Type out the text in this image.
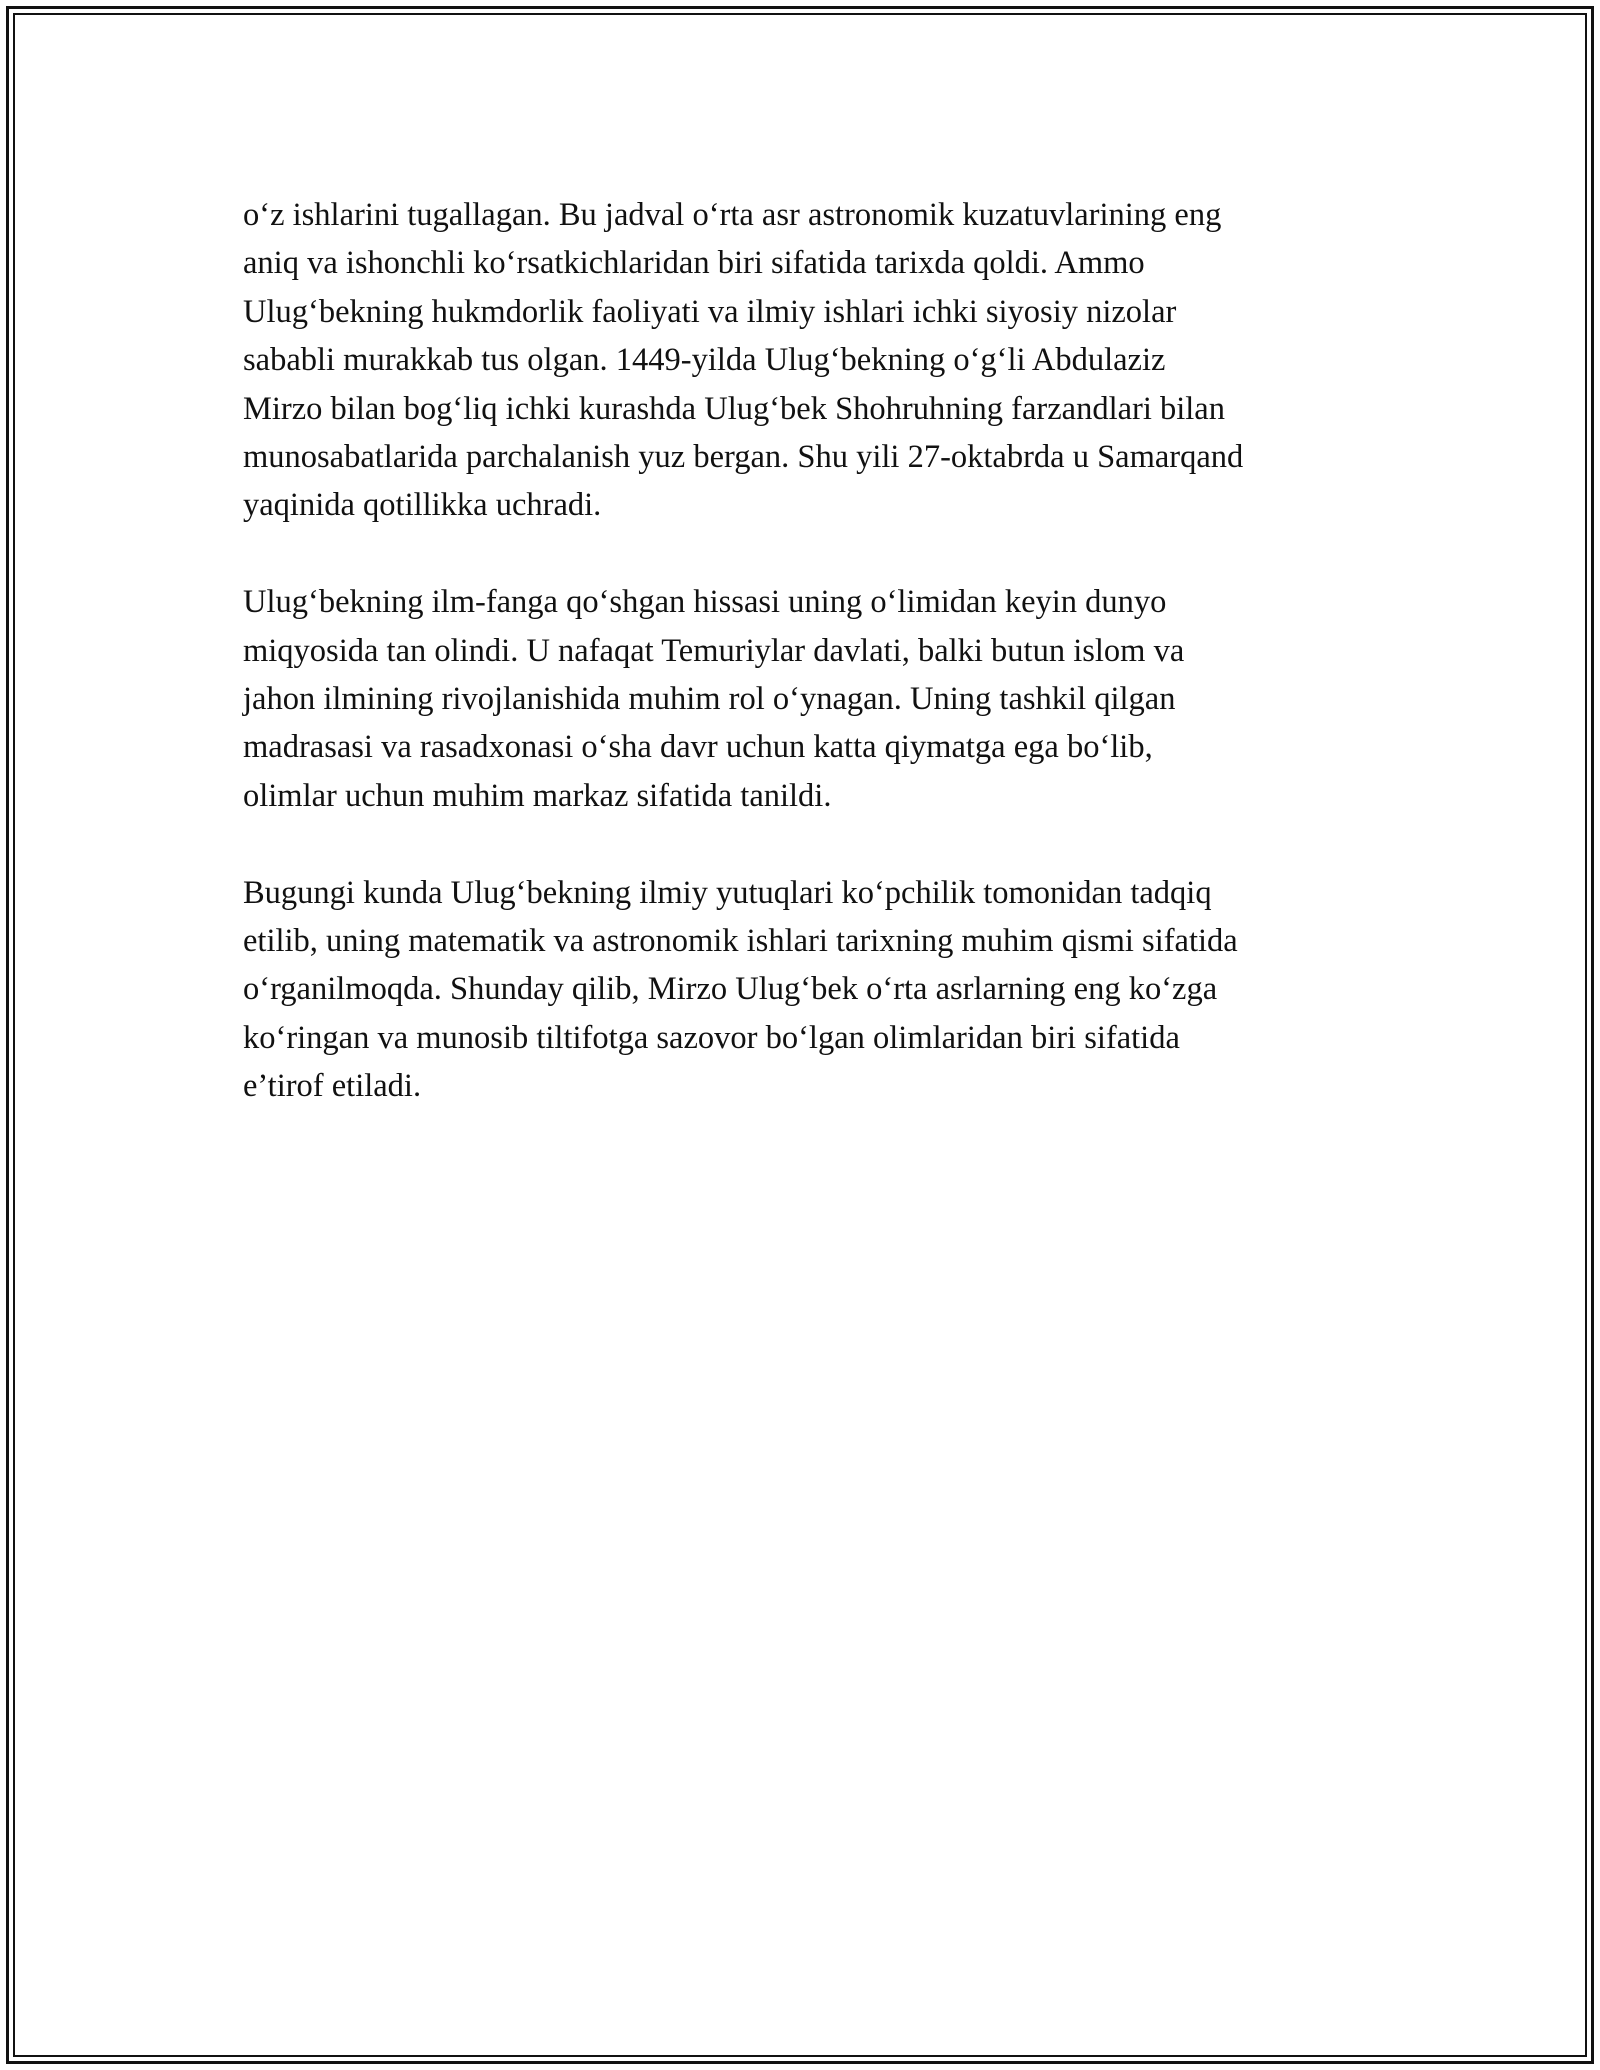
o‘z ishlarini tugallagan. Bu jadval o‘rta asr astronomik kuzatuvlarining eng
aniq va ishonchli ko‘rsatkichlaridan biri sifatida tarixda qoldi. Ammo
Ulug‘bekning hukmdorlik faoliyati va ilmiy ishlari ichki siyosiy nizolar
sababli murakkab tus olgan. 1449-yilda Ulug‘bekning o‘g‘li Abdulaziz
Mirzo bilan bog‘liq ichki kurashda Ulug‘bek Shohruhning farzandlari bilan
munosabatlarida parchalanish yuz bergan. Shu yili 27-oktabrda u Samarqand
yaqinida qotillikka uchradi.

Ulug‘bekning ilm-fanga qo‘shgan hissasi uning o‘limidan keyin dunyo
miqyosida tan olindi. U nafaqat Temuriylar davlati, balki butun islom va
jahon ilmining rivojlanishida muhim rol o‘ynagan. Uning tashkil qilgan
madrasasi va rasadxonasi o‘sha davr uchun katta qiymatga ega bo‘lib,
olimlar uchun muhim markaz sifatida tanildi.

Bugungi kunda Ulug‘bekning ilmiy yutuqlari ko‘pchilik tomonidan tadqiq
etilib, uning matematik va astronomik ishlari tarixning muhim qismi sifatida
o‘rganilmoqda. Shunday qilib, Mirzo Ulug‘bek o‘rta asrlarning eng ko‘zga
ko‘ringan va munosib tiltifotga sazovor bo‘lgan olimlaridan biri sifatida
e’tirof etiladi.
